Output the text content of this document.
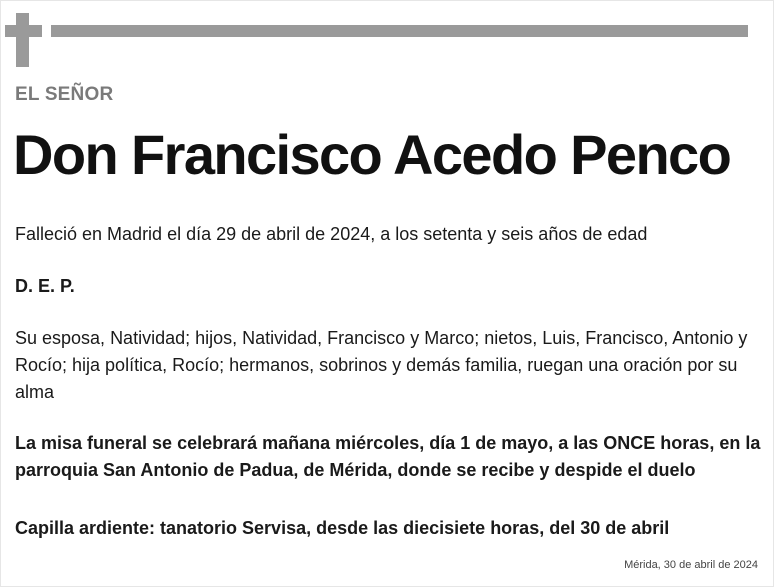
EL SEÑOR
Don Francisco Acedo Penco
Falleció en Madrid el día 29 de abril de 2024, a los setenta y seis años de edad
D. E. P.
Su esposa, Natividad; hijos, Natividad, Francisco y Marco; nietos, Luis, Francisco, Antonio y Rocío; hija política, Rocío; hermanos, sobrinos y demás familia, ruegan una oración por su alma
La misa funeral se celebrará mañana miércoles, día 1 de mayo, a las ONCE horas, en la parroquia San Antonio de Padua, de Mérida, donde se recibe y despide el duelo
Capilla ardiente: tanatorio Servisa, desde las diecisiete horas, del 30 de abril
Mérida, 30 de abril de 2024
